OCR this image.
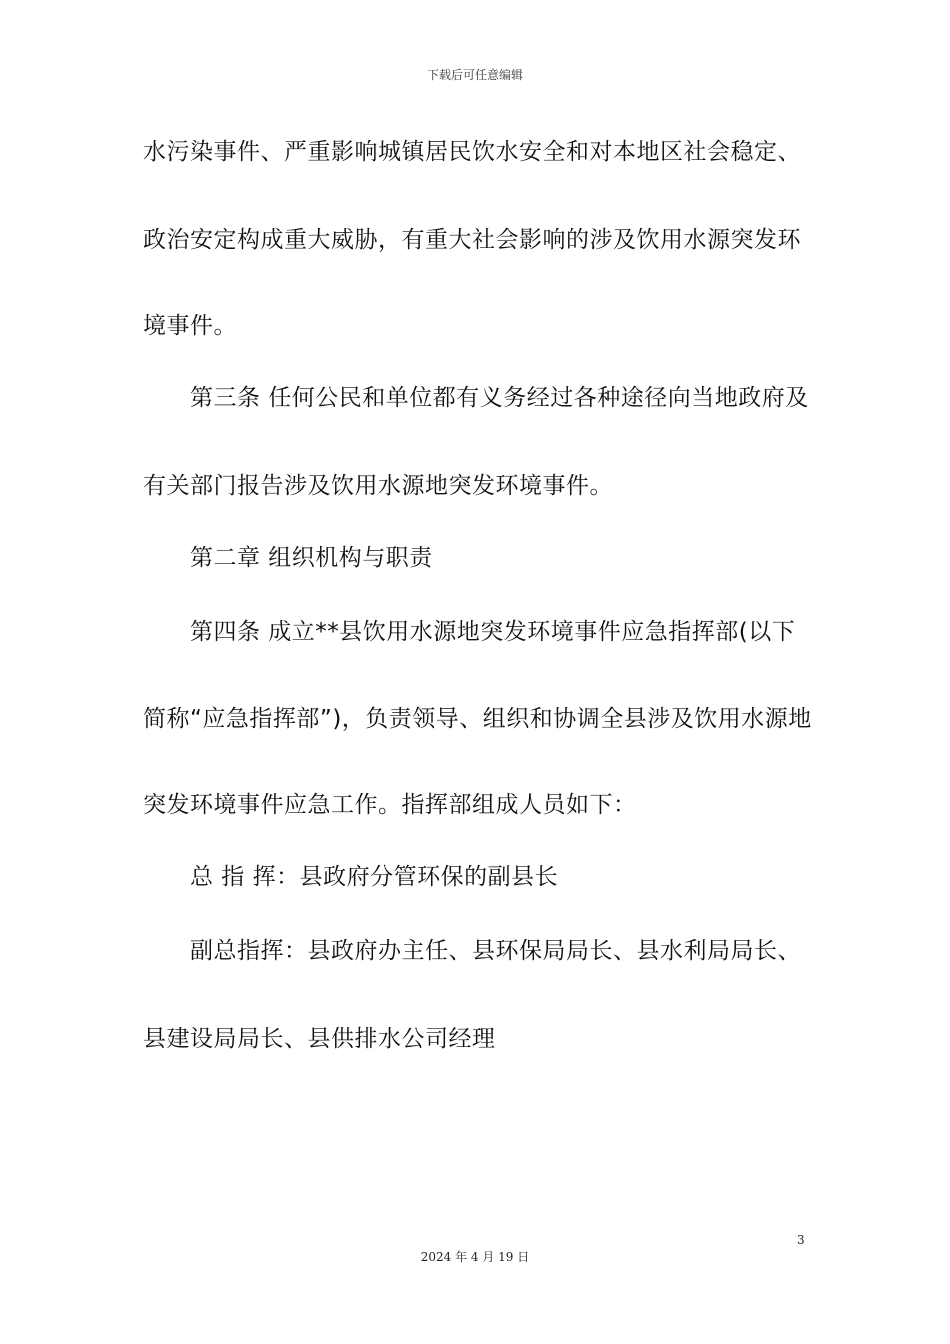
下载后可任意编辑
水污染事件、严重影响城镇居民饮水安全和对本地区社会稳定、
政治安定构成重大威胁，有重大社会影响的涉及饮用水源突发环
境事件。
第三条 任何公民和单位都有义务经过各种途径向当地政府及
有关部门报告涉及饮用水源地突发环境事件。
第二章 组织机构与职责
第四条 成立**县饮用水源地突发环境事件应急指挥部(以下
简称“应急指挥部”)，负责领导、组织和协调全县涉及饮用水源地
突发环境事件应急工作。指挥部组成人员如下：
总 指 挥：县政府分管环保的副县长
副总指挥：县政府办主任、县环保局局长、县水利局局长、
县建设局局长、县供排水公司经理
3
2024 年 4 月 19 日
